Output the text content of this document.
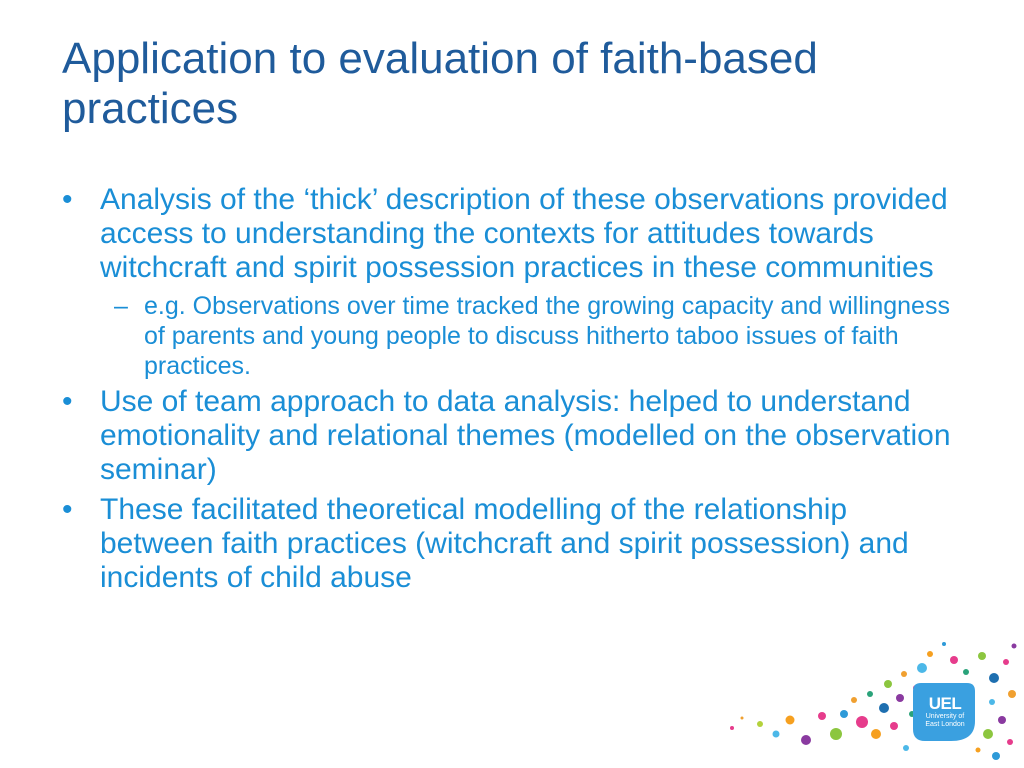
Application to evaluation of faith-based practices
• Analysis of the ‘thick’ description of these observations provided access to understanding the contexts for attitudes towards witchcraft and spirit possession practices in these communities
– e.g. Observations over time tracked the growing capacity and willingness of parents and young people to discuss hitherto taboo issues of faith practices.
• Use of team approach to data analysis: helped to understand emotionality and relational themes (modelled on the observation seminar)
• These facilitated theoretical modelling of the relationship between faith practices (witchcraft and spirit possession) and incidents of child abuse
UEL
University of
East London
